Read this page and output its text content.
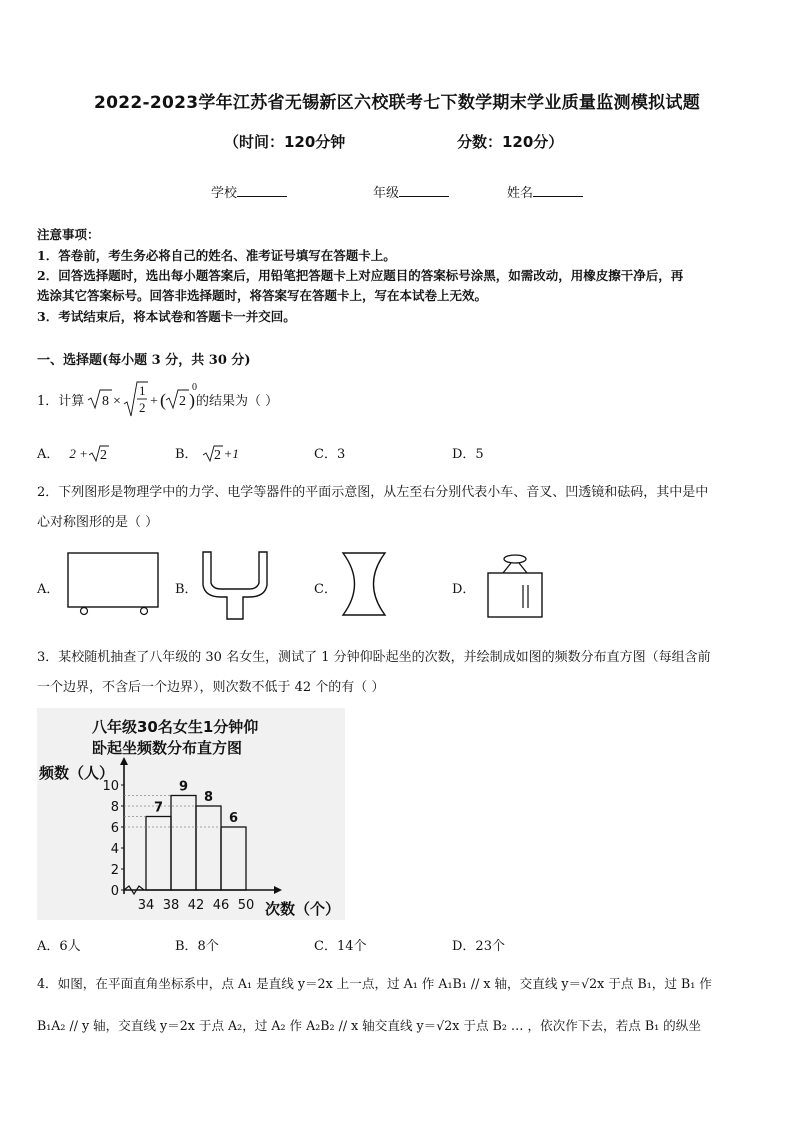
2022-2023学年江苏省无锡新区六校联考七下数学期末学业质量监测模拟试题
（时间：120分钟	分数：120分）
学校	年级	姓名
注意事项：
1．答卷前，考生务必将自己的姓名、准考证号填写在答题卡上。
2．回答选择题时，选出每小题答案后，用铅笔把答题卡上对应题目的答案标号涂黑，如需改动，用橡皮擦干净后，再
选涂其它答案标号。回答非选择题时，将答案写在答题卡上，写在本试卷上无效。
3．考试结束后，将本试卷和答题卡一并交回。
一、选择题(每小题 3 分，共 30 分)
1．计算 8 ×
1
2 + ( 2 )
0
的结果为（ ）
A． 2 + 2	B． 2 +1	C．3	D．5
2．下列图形是物理学中的力学、电学等器件的平面示意图，从左至右分别代表小车、音叉、凹透镜和砝码，其中是中
心对称图形的是（ ）
A．	B．	C．	D．
3．某校随机抽查了八年级的 30 名女生，测试了 1 分钟仰卧起坐的次数，并绘制成如图的频数分布直方图（每组含前
一个边界，不含后一个边界），则次数不低于 42 个的有（ ）
八年级30名女生1分钟仰
卧起坐频数分布直方图
频数（人）
次数（个）
7
9
8
6
0
2
4
6
8
10
34 38 42 46 50
A．6人	B．8个	C．14个	D．23个
4．如图，在平面直角坐标系中，点 A₁ 是直线 y＝2x 上一点，过 A₁ 作 A₁B₁ // x 轴，交直线 y＝√2x 于点 B₁，过 B₁ 作
B₁A₂ // y 轴，交直线 y＝2x 于点 A₂，过 A₂ 作 A₂B₂ // x 轴交直线 y＝√2x 于点 B₂ … ，依次作下去，若点 B₁ 的纵坐
